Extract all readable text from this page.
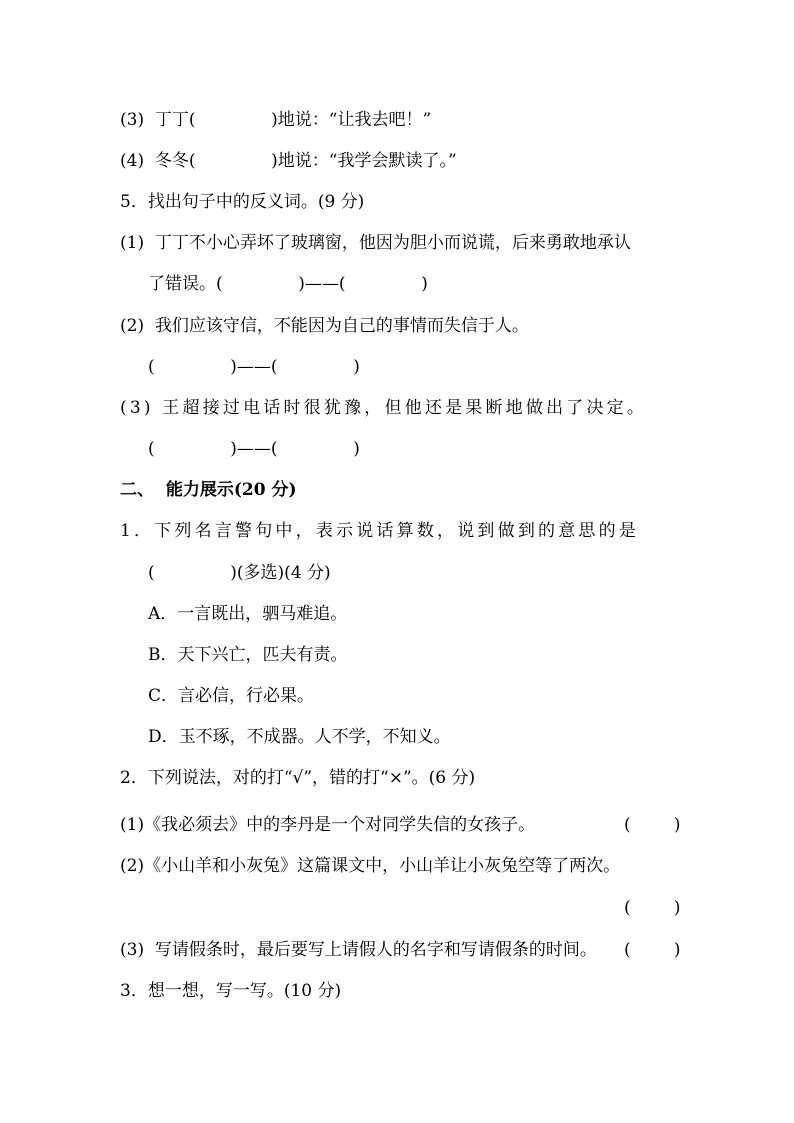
(3)  丁丁(              )地说：“让我去吧！”
(4)  冬冬(              )地说：“我学会默读了。”
5．找出句子中的反义词。(9 分)
(1)  丁丁不小心弄坏了玻璃窗，他因为胆小而说谎，后来勇敢地承认
了错误。(              )——(              )
(2)  我们应该守信，不能因为自己的事情而失信于人。
(              )——(              )
(3) 王超接过电话时很犹豫，但他还是果断地做出了决定。
(              )——(              )
二、  能力展示(20 分)
1．下列名言警句中，表示说话算数，说到做到的意思的是
(              )(多选)(4 分)
A．一言既出，驷马难追。
B．天下兴亡，匹夫有责。
C．言必信，行必果。
D．玉不琢，不成器。人不学，不知义。
2．下列说法，对的打“√”，错的打“×”。(6 分)
(1)《我必须去》中的李丹是一个对同学失信的女孩子。	(        )
(2)《小山羊和小灰兔》这篇课文中，小山羊让小灰兔空等了两次。
(        )
(3)  写请假条时，最后要写上请假人的名字和写请假条的时间。 (        )
3．想一想，写一写。(10 分)
